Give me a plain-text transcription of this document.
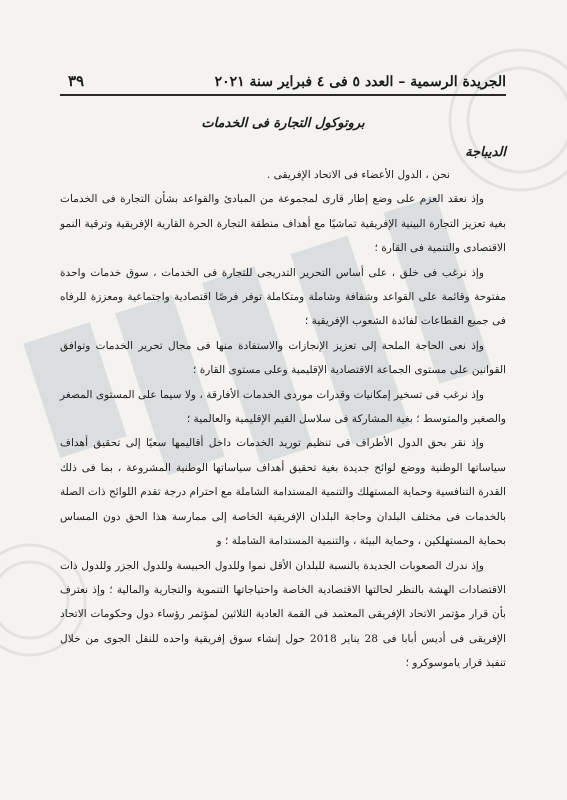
الجريدة الرسمية – العدد ٥ فى ٤ فبراير سنة ٢٠٢١
٣٩
بروتوكول التجارة فى الخدمات
الديباجة

نحن ، الدول الأعضاء فى الاتحاد الإفريقى .

وإذ نعقد العزم على وضع إطار قارى لمجموعة من المبادئ والقواعد بشأن التجارة فى الخدمات بغية تعزيز التجارة البينية الإفريقية تماشيًا مع أهداف منطقة التجارة الحرة القارية الإفريقية وترقية النمو الاقتصادى والتنمية فى القارة ؛

وإذ نرغب فى خلق ، على أساس التحرير التدريجى للتجارة فى الخدمات ، سوق خدمات واحدة مفتوحة وقائمة على القواعد وشفافة وشاملة ومتكاملة توفر فرصًا اقتصادية واجتماعية ومعززة للرفاه فى جميع القطاعات لفائدة الشعوب الإفريقية ؛

وإذ نعى الحاجة الملحة إلى تعزيز الإنجازات والاستفادة منها فى مجال تحرير الخدمات وتوافق القوانين على مستوى الجماعة الاقتصادية الإقليمية وعلى مستوى القارة ؛

وإذ نرغب فى تسخير إمكانيات وقدرات موردى الخدمات الأفارقة ، ولا سيما على المستوى المصغر والصغير والمتوسط ؛ بغية المشاركة فى سلاسل القيم الإقليمية والعالمية ؛

وإذ نقر بحق الدول الأطراف فى تنظيم توريد الخدمات داخل أقاليمها سعيًا إلى تحقيق أهداف سياساتها الوطنية ووضع لوائح جديدة بغية تحقيق أهداف سياساتها الوطنية المشروعة ، بما فى ذلك القدرة التنافسية وحماية المستهلك والتنمية المستدامة الشاملة مع احترام درجة تقدم اللوائح ذات الصلة بالخدمات فى مختلف البلدان وحاجة البلدان الإفريقية الخاصة إلى ممارسة هذا الحق دون المساس بحماية المستهلكين ، وحماية البيئة ، والتنمية المستدامة الشاملة ؛ و

وإذ ندرك الصعوبات الجديدة بالنسبة للبلدان الأقل نموا وللدول الحبيسة وللدول الجزر وللدول ذات الاقتصادات الهشة بالنظر لحالتها الاقتصادية الخاصة واحتياجاتها التنموية والتجارية والمالية ؛ وإذ نعترف بأن قرار مؤتمر الاتحاد الإفريقى المعتمد فى القمة العادية الثلاثين لمؤتمر رؤساء دول وحكومات الاتحاد الإفريقى فى أديس أبابا فى 28 يناير 2018 حول إنشاء سوق إفريقية واحده للنقل الجوى من خلال تنفيذ قرار ياموسوكرو ؛
